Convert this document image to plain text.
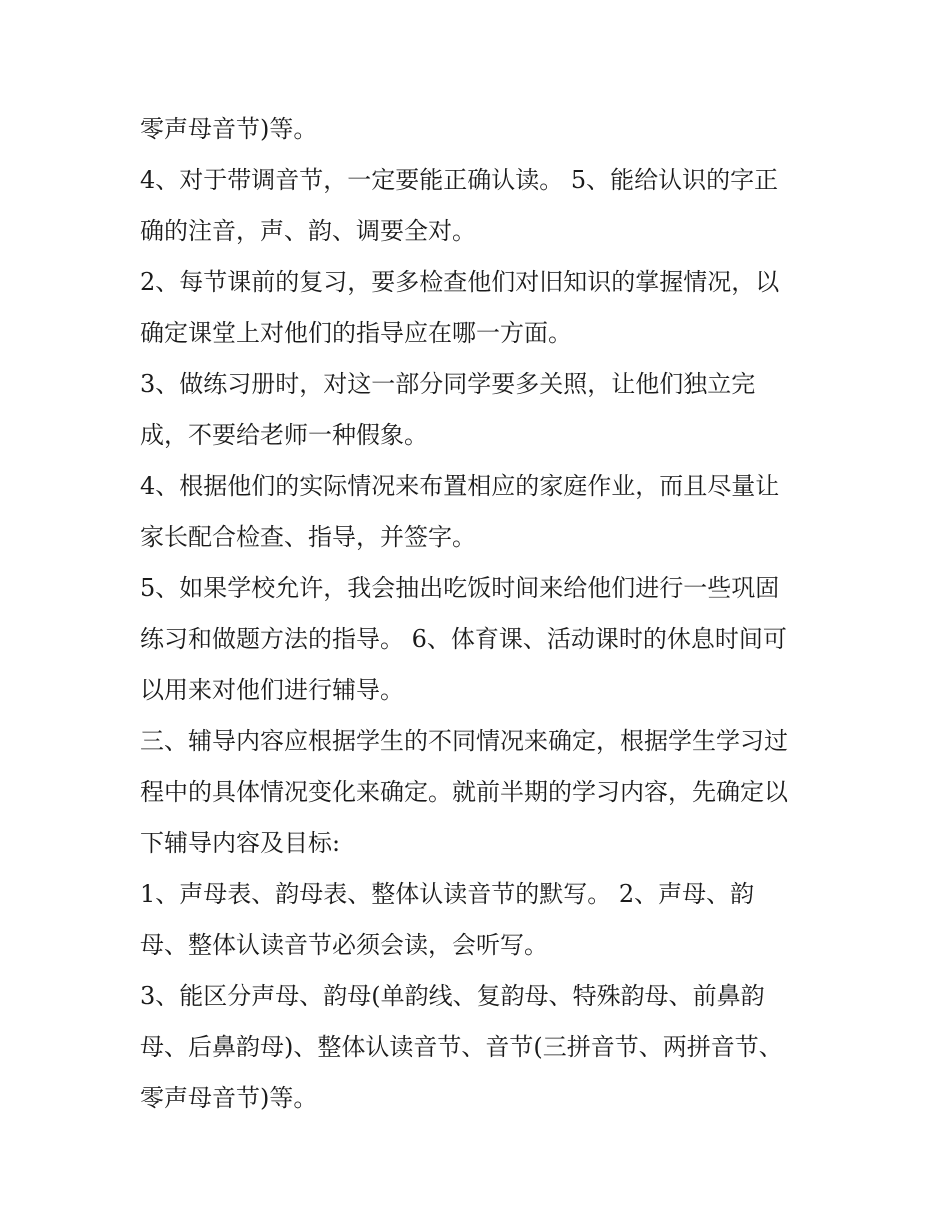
零声母音节)等。
4、对于带调音节，一定要能正确认读。 5、能给认识的字正
确的注音，声、韵、调要全对。
2、每节课前的复习，要多检查他们对旧知识的掌握情况，以
确定课堂上对他们的指导应在哪一方面。
3、做练习册时，对这一部分同学要多关照，让他们独立完
成，不要给老师一种假象。
4、根据他们的实际情况来布置相应的家庭作业，而且尽量让
家长配合检查、指导，并签字。
5、如果学校允许，我会抽出吃饭时间来给他们进行一些巩固
练习和做题方法的指导。 6、体育课、活动课时的休息时间可
以用来对他们进行辅导。
三、辅导内容应根据学生的不同情况来确定，根据学生学习过
程中的具体情况变化来确定。就前半期的学习内容，先确定以
下辅导内容及目标:
1、声母表、韵母表、整体认读音节的默写。 2、声母、韵
母、整体认读音节必须会读，会听写。
3、能区分声母、韵母(单韵线、复韵母、特殊韵母、前鼻韵
母、后鼻韵母)、整体认读音节、音节(三拼音节、两拼音节、
零声母音节)等。
